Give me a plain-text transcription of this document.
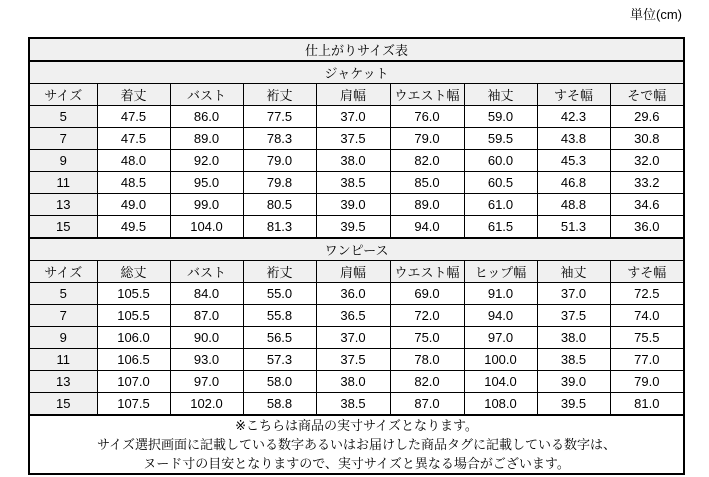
単位(cm)
仕上がりサイズ表								
ジャケット								
サイズ	着丈	バスト	裄丈	肩幅	ウエスト幅	袖丈	すそ幅	そで幅
5	47.5	86.0	77.5	37.0	76.0	59.0	42.3	29.6
7	47.5	89.0	78.3	37.5	79.0	59.5	43.8	30.8
9	48.0	92.0	79.0	38.0	82.0	60.0	45.3	32.0
11	48.5	95.0	79.8	38.5	85.0	60.5	46.8	33.2
13	49.0	99.0	80.5	39.0	89.0	61.0	48.8	34.6
15	49.5	104.0	81.3	39.5	94.0	61.5	51.3	36.0
ワンピース								
サイズ	総丈	バスト	裄丈	肩幅	ウエスト幅	ヒップ幅	袖丈	すそ幅
5	105.5	84.0	55.0	36.0	69.0	91.0	37.0	72.5
7	105.5	87.0	55.8	36.5	72.0	94.0	37.5	74.0
9	106.0	90.0	56.5	37.0	75.0	97.0	38.0	75.5
11	106.5	93.0	57.3	37.5	78.0	100.0	38.5	77.0
13	107.0	97.0	58.0	38.0	82.0	104.0	39.0	79.0
15	107.5	102.0	58.8	38.5	87.0	108.0	39.5	81.0

※こちらは商品の実寸サイズとなります。
サイズ選択画面に記載している数字あるいはお届けした商品タグに記載している数字は、
ヌード寸の目安となりますので、実寸サイズと異なる場合がございます。								
